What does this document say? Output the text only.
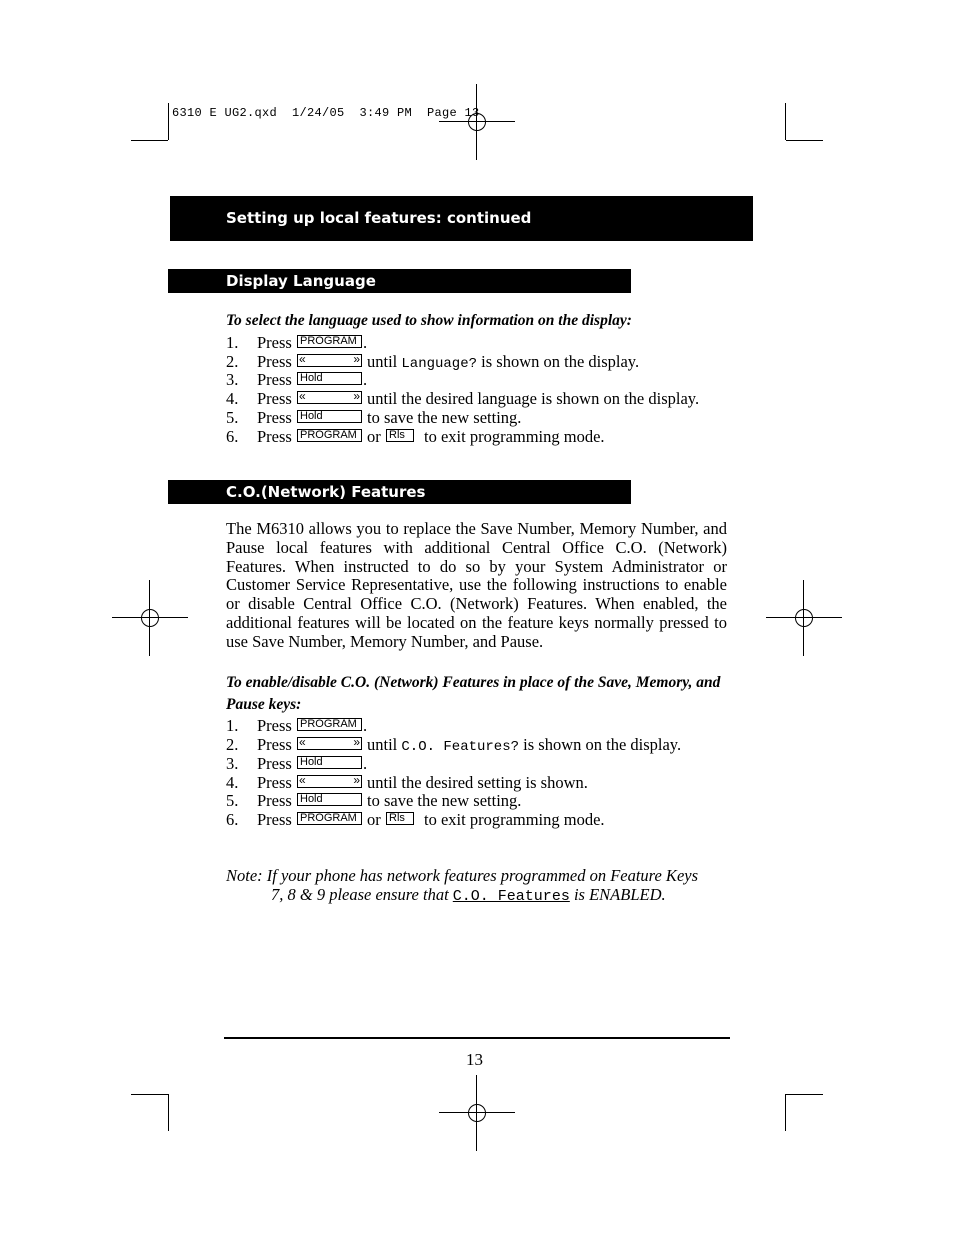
6310 E UG2.qxd  1/24/05  3:49 PM  Page 13
Setting up local features: continued
Display Language
To select the language used to show information on the display:
1. Press PROGRAM .
2. Press «	» until Language? is shown on the display.
3. Press Hold	.
4. Press «	» until the desired language is shown on the display.
5. Press Hold	to save the new setting.
6. Press PROGRAM or Rls	to exit programming mode.
C.O.(Network) Features
The M6310 allows you to replace the Save Number, Memory Number, and Pause local features with additional Central Office C.O. (Network) Features. When instructed to do so by your System Administrator or Customer Service Representative, use the following instructions to enable or disable Central Office C.O. (Network) Features. When enabled, the additional features will be located on the feature keys normally pressed to use Save Number, Memory Number, and Pause.
To enable/disable C.O. (Network) Features in place of the Save, Memory, and
Pause keys:
1. Press PROGRAM .
2. Press «	» until C.O. Features? is shown on the display.
3. Press Hold	.
4. Press «	» until the desired setting is shown.
5. Press Hold	to save the new setting.
6. Press PROGRAM or Rls	to exit programming mode.
Note: If your phone has network features programmed on Feature Keys
7, 8 & 9 please ensure that C.O. Features is ENABLED.
13
